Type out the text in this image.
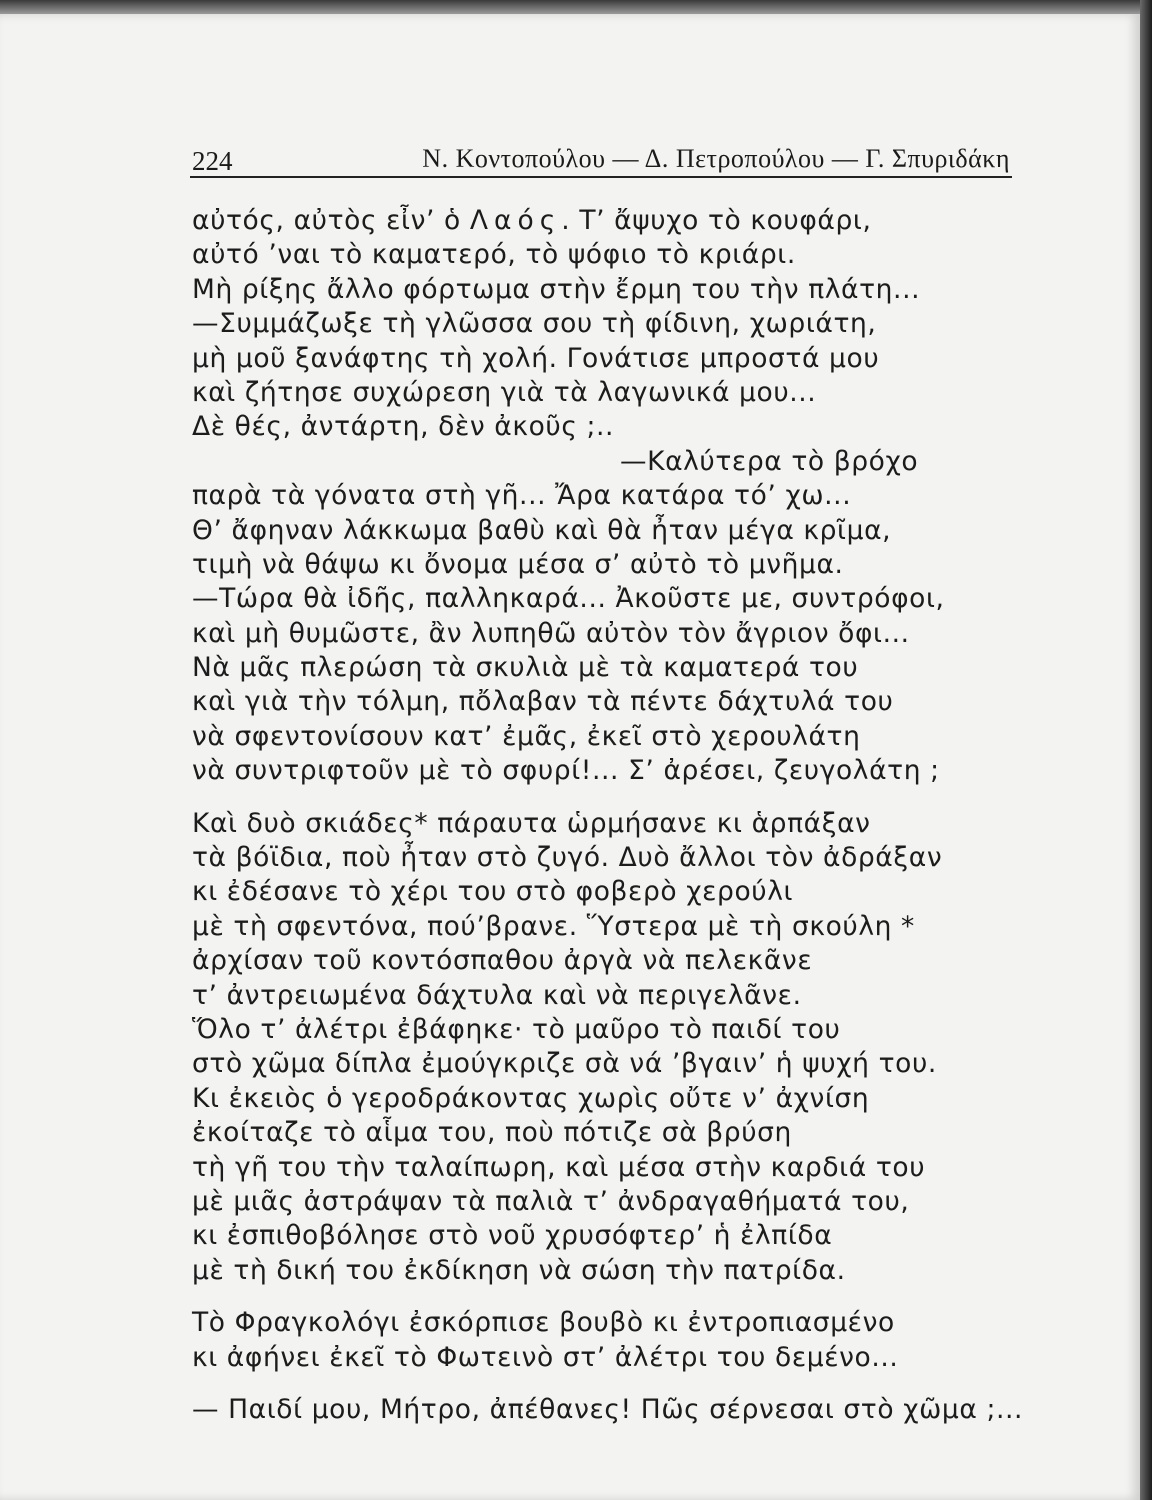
224	Ν. Κοντοπούλου — Δ. Πετροπούλου — Γ. Σπυριδάκη
αὐτός, αὐτὸς εἶν’ ὁ Λαός. Τ’ ἄψυχο τὸ κουφάρι,
αὐτό ’ναι τὸ καματερό, τὸ ψόφιο τὸ κριάρι.
Μὴ ρίξης ἄλλο φόρτωμα στὴν ἔρμη του τὴν πλάτη...
—Συμμάζωξε τὴ γλῶσσα σου τὴ φίδινη, χωριάτη,
μὴ μοῦ ξανάφτης τὴ χολή. Γονάτισε μπροστά μου
καὶ ζήτησε συχώρεση γιὰ τὰ λαγωνικά μου...
Δὲ θές, ἀντάρτη, δὲν ἀκοῦς ;..
—Καλύτερα τὸ βρόχο
παρὰ τὰ γόνατα στὴ γῆ... Ἄρα κατάρα τό’ χω...
Θ’ ἄφηναν λάκκωμα βαθὺ καὶ θὰ ἦταν μέγα κρῖμα,
τιμὴ νὰ θάψω κι ὄνομα μέσα σ’ αὐτὸ τὸ μνῆμα.
—Τώρα θὰ ἰδῆς, παλληκαρά... Ἀκοῦστε με, συντρόφοι,
καὶ μὴ θυμῶστε, ἂν λυπηθῶ αὐτὸν τὸν ἄγριον ὄφι...
Νὰ μᾶς πλερώση τὰ σκυλιὰ μὲ τὰ καματερά του
καὶ γιὰ τὴν τόλμη, πὄλαβαν τὰ πέντε δάχτυλά του
νὰ σφεντονίσουν κατ’ ἐμᾶς, ἐκεῖ στὸ χερουλάτη
νὰ συντριφτοῦν μὲ τὸ σφυρί!... Σ’ ἀρέσει, ζευγολάτη ;
Καὶ δυὸ σκιάδες* πάραυτα ὡρμήσανε κι ἁρπάξαν
τὰ βόϊδια, ποὺ ἦταν στὸ ζυγό. Δυὸ ἄλλοι τὸν ἀδράξαν
κι ἐδέσανε τὸ χέρι του στὸ φοβερὸ χερούλι
μὲ τὴ σφεντόνα, πού’βρανε. Ὕστερα μὲ τὴ σκούλη *
ἀρχίσαν τοῦ κοντόσπαθου ἀργὰ νὰ πελεκᾶνε
τ’ ἀντρειωμένα δάχτυλα καὶ νὰ περιγελᾶνε.
Ὅλο τ’ ἀλέτρι ἐβάφηκε· τὸ μαῦρο τὸ παιδί του
στὸ χῶμα δίπλα ἐμούγκριζε σὰ νά ’βγαιν’ ἡ ψυχή του.
Κι ἐκειὸς ὁ γεροδράκοντας χωρὶς οὔτε ν’ ἀχνίση
ἐκοίταζε τὸ αἷμα του, ποὺ πότιζε σὰ βρύση
τὴ γῆ του τὴν ταλαίπωρη, καὶ μέσα στὴν καρδιά του
μὲ μιᾶς ἀστράψαν τὰ παλιὰ τ’ ἀνδραγαθήματά του,
κι ἐσπιθοβόλησε στὸ νοῦ χρυσόφτερ’ ἡ ἐλπίδα
μὲ τὴ δική του ἐκδίκηση νὰ σώση τὴν πατρίδα.
Τὸ Φραγκολόγι ἐσκόρπισε βουβὸ κι ἐντροπιασμένο
κι ἀφήνει ἐκεῖ τὸ Φωτεινὸ στ’ ἀλέτρι του δεμένο...
— Παιδί μου, Μήτρο, ἀπέθανες! Πῶς σέρνεσαι στὸ χῶμα ;...
